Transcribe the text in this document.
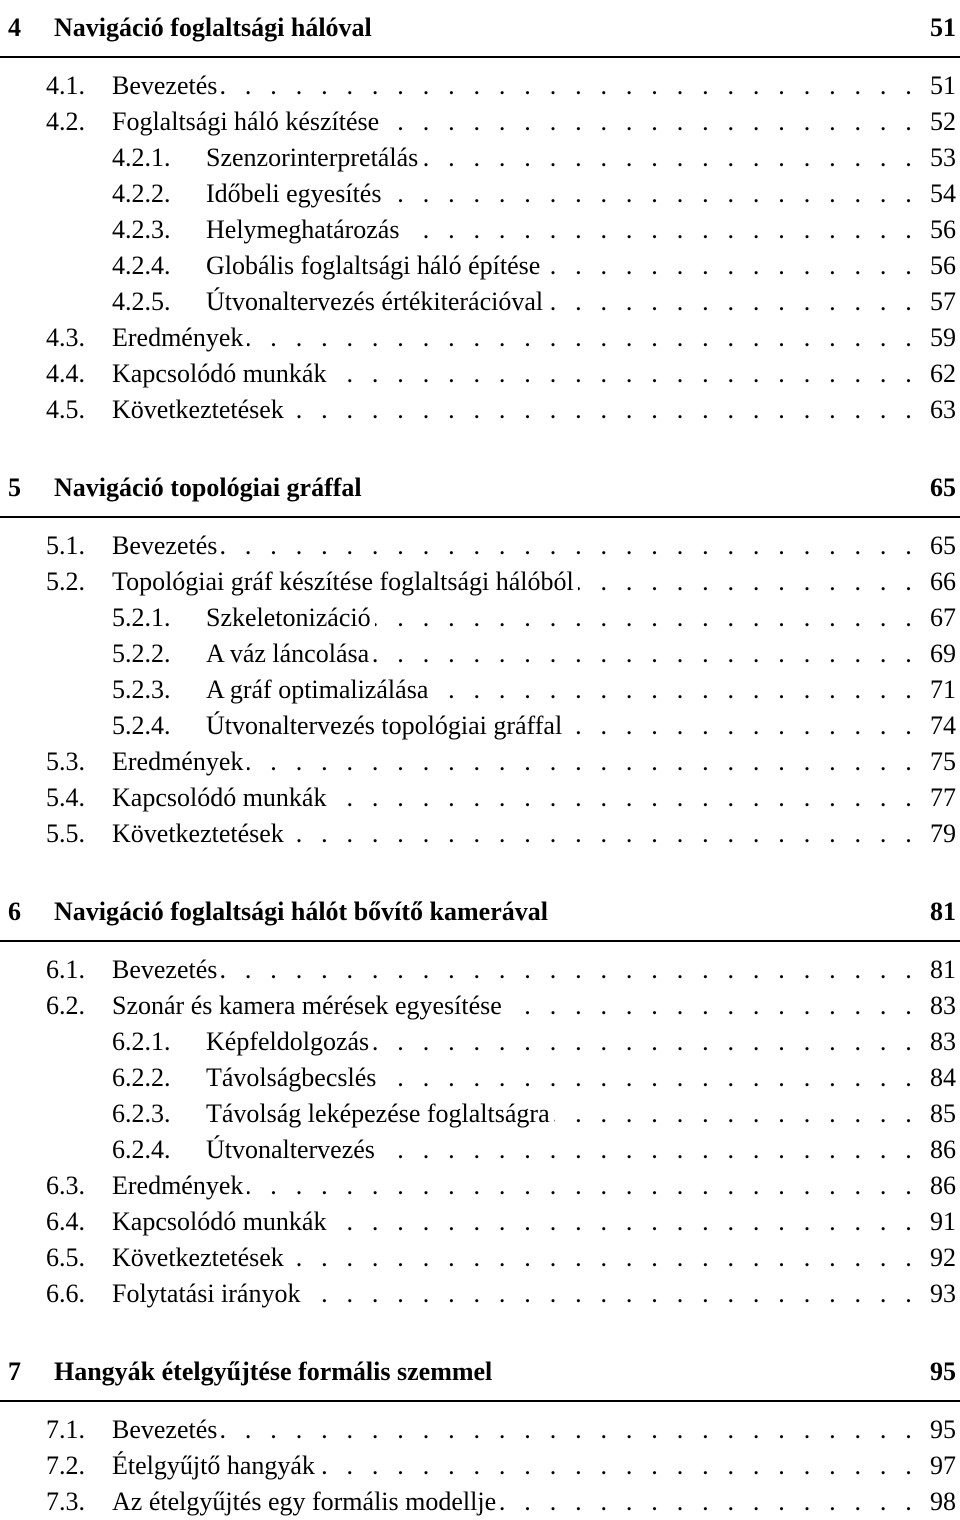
4	Navigáció foglaltsági hálóval	51
4.1.	Bevezetés . . .	51
4.2.	Foglaltsági háló készítése . . .	52
4.2.1.	Szenzorinterpretálás . . .	53
4.2.2.	Időbeli egyesítés . . .	54
4.2.3.	Helymeghatározás . . .	56
4.2.4.	Globális foglaltsági háló építése . . .	56
4.2.5.	Útvonaltervezés értékiterációval . . .	57
4.3.	Eredmények . . .	59
4.4.	Kapcsolódó munkák . . .	62
4.5.	Következtetések . . .	63
5	Navigáció topológiai gráffal	65
5.1.	Bevezetés . . .	65
5.2.	Topológiai gráf készítése foglaltsági hálóból . . .	66
5.2.1.	Szkeletonizáció . . .	67
5.2.2.	A váz láncolása . . .	69
5.2.3.	A gráf optimalizálása . . .	71
5.2.4.	Útvonaltervezés topológiai gráffal . . .	74
5.3.	Eredmények . . .	75
5.4.	Kapcsolódó munkák . . .	77
5.5.	Következtetések . . .	79
6	Navigáció foglaltsági hálót bővítő kamerával	81
6.1.	Bevezetés . . .	81
6.2.	Szonár és kamera mérések egyesítése . . .	83
6.2.1.	Képfeldolgozás . . .	83
6.2.2.	Távolságbecslés . . .	84
6.2.3.	Távolság leképezése foglaltságra . . .	85
6.2.4.	Útvonaltervezés . . .	86
6.3.	Eredmények . . .	86
6.4.	Kapcsolódó munkák . . .	91
6.5.	Következtetések . . .	92
6.6.	Folytatási irányok . . .	93
7	Hangyák ételgyűjtése formális szemmel	95
7.1.	Bevezetés . . .	95
7.2.	Ételgyűjtő hangyák . . .	97
7.3.	Az ételgyűjtés egy formális modellje . . .	98
